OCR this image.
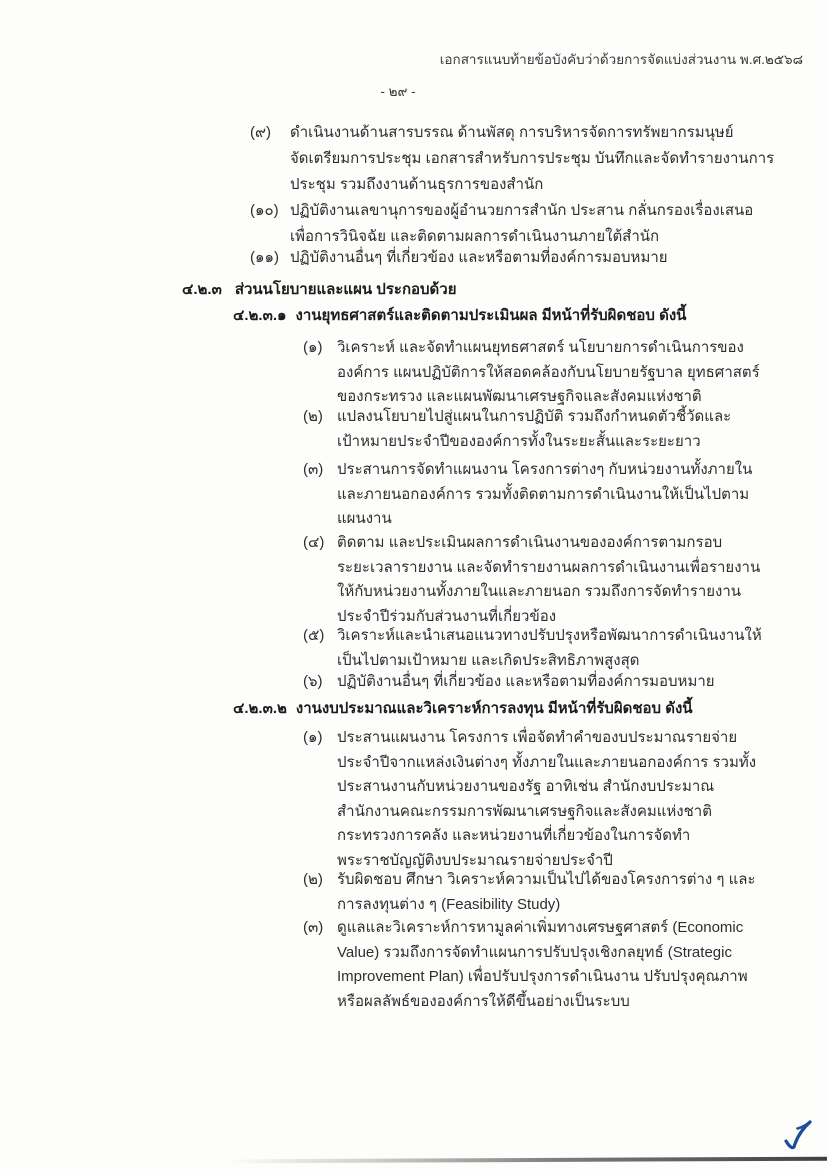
เอกสารแนบท้ายข้อบังคับว่าด้วยการจัดแบ่งส่วนงาน พ.ศ.๒๕๖๘
- ๒๙ -
(๙) ดำเนินงานด้านสารบรรณ ด้านพัสดุ การบริหารจัดการทรัพยากรมนุษย์
จัดเตรียมการประชุม เอกสารสำหรับการประชุม บันทึกและจัดทำรายงานการ
ประชุม รวมถึงงานด้านธุรการของสำนัก
(๑๐) ปฏิบัติงานเลขานุการของผู้อำนวยการสำนัก ประสาน กลั่นกรองเรื่องเสนอ
เพื่อการวินิจฉัย และติดตามผลการดำเนินงานภายใต้สำนัก
(๑๑) ปฏิบัติงานอื่นๆ ที่เกี่ยวข้อง และหรือตามที่องค์การมอบหมาย
๔.๒.๓ ส่วนนโยบายและแผน ประกอบด้วย
๔.๒.๓.๑ งานยุทธศาสตร์และติดตามประเมินผล มีหน้าที่รับผิดชอบ ดังนี้
(๑) วิเคราะห์ และจัดทำแผนยุทธศาสตร์ นโยบายการดำเนินการของ
องค์การ แผนปฏิบัติการให้สอดคล้องกับนโยบายรัฐบาล ยุทธศาสตร์
ของกระทรวง และแผนพัฒนาเศรษฐกิจและสังคมแห่งชาติ
(๒) แปลงนโยบายไปสู่แผนในการปฏิบัติ รวมถึงกำหนดตัวชี้วัดและ
เป้าหมายประจำปีขององค์การทั้งในระยะสั้นและระยะยาว
(๓) ประสานการจัดทำแผนงาน โครงการต่างๆ กับหน่วยงานทั้งภายใน
และภายนอกองค์การ รวมทั้งติดตามการดำเนินงานให้เป็นไปตาม
แผนงาน
(๔) ติดตาม และประเมินผลการดำเนินงานขององค์การตามกรอบ
ระยะเวลารายงาน และจัดทำรายงานผลการดำเนินงานเพื่อรายงาน
ให้กับหน่วยงานทั้งภายในและภายนอก รวมถึงการจัดทำรายงาน
ประจำปีร่วมกับส่วนงานที่เกี่ยวข้อง
(๕) วิเคราะห์และนำเสนอแนวทางปรับปรุงหรือพัฒนาการดำเนินงานให้
เป็นไปตามเป้าหมาย และเกิดประสิทธิภาพสูงสุด
(๖) ปฏิบัติงานอื่นๆ ที่เกี่ยวข้อง และหรือตามที่องค์การมอบหมาย
๔.๒.๓.๒ งานงบประมาณและวิเคราะห์การลงทุน มีหน้าที่รับผิดชอบ ดังนี้
(๑) ประสานแผนงาน โครงการ เพื่อจัดทำคำของบประมาณรายจ่าย
ประจำปีจากแหล่งเงินต่างๆ ทั้งภายในและภายนอกองค์การ รวมทั้ง
ประสานงานกับหน่วยงานของรัฐ อาทิเช่น สำนักงบประมาณ
สำนักงานคณะกรรมการพัฒนาเศรษฐกิจและสังคมแห่งชาติ
กระทรวงการคลัง และหน่วยงานที่เกี่ยวข้องในการจัดทำ
พระราชบัญญัติงบประมาณรายจ่ายประจำปี
(๒) รับผิดชอบ ศึกษา วิเคราะห์ความเป็นไปได้ของโครงการต่าง ๆ และ
การลงทุนต่าง ๆ (Feasibility Study)
(๓) ดูแลและวิเคราะห์การหามูลค่าเพิ่มทางเศรษฐศาสตร์ (Economic
Value) รวมถึงการจัดทำแผนการปรับปรุงเชิงกลยุทธ์ (Strategic
Improvement Plan) เพื่อปรับปรุงการดำเนินงาน ปรับปรุงคุณภาพ
หรือผลลัพธ์ขององค์การให้ดีขึ้นอย่างเป็นระบบ
